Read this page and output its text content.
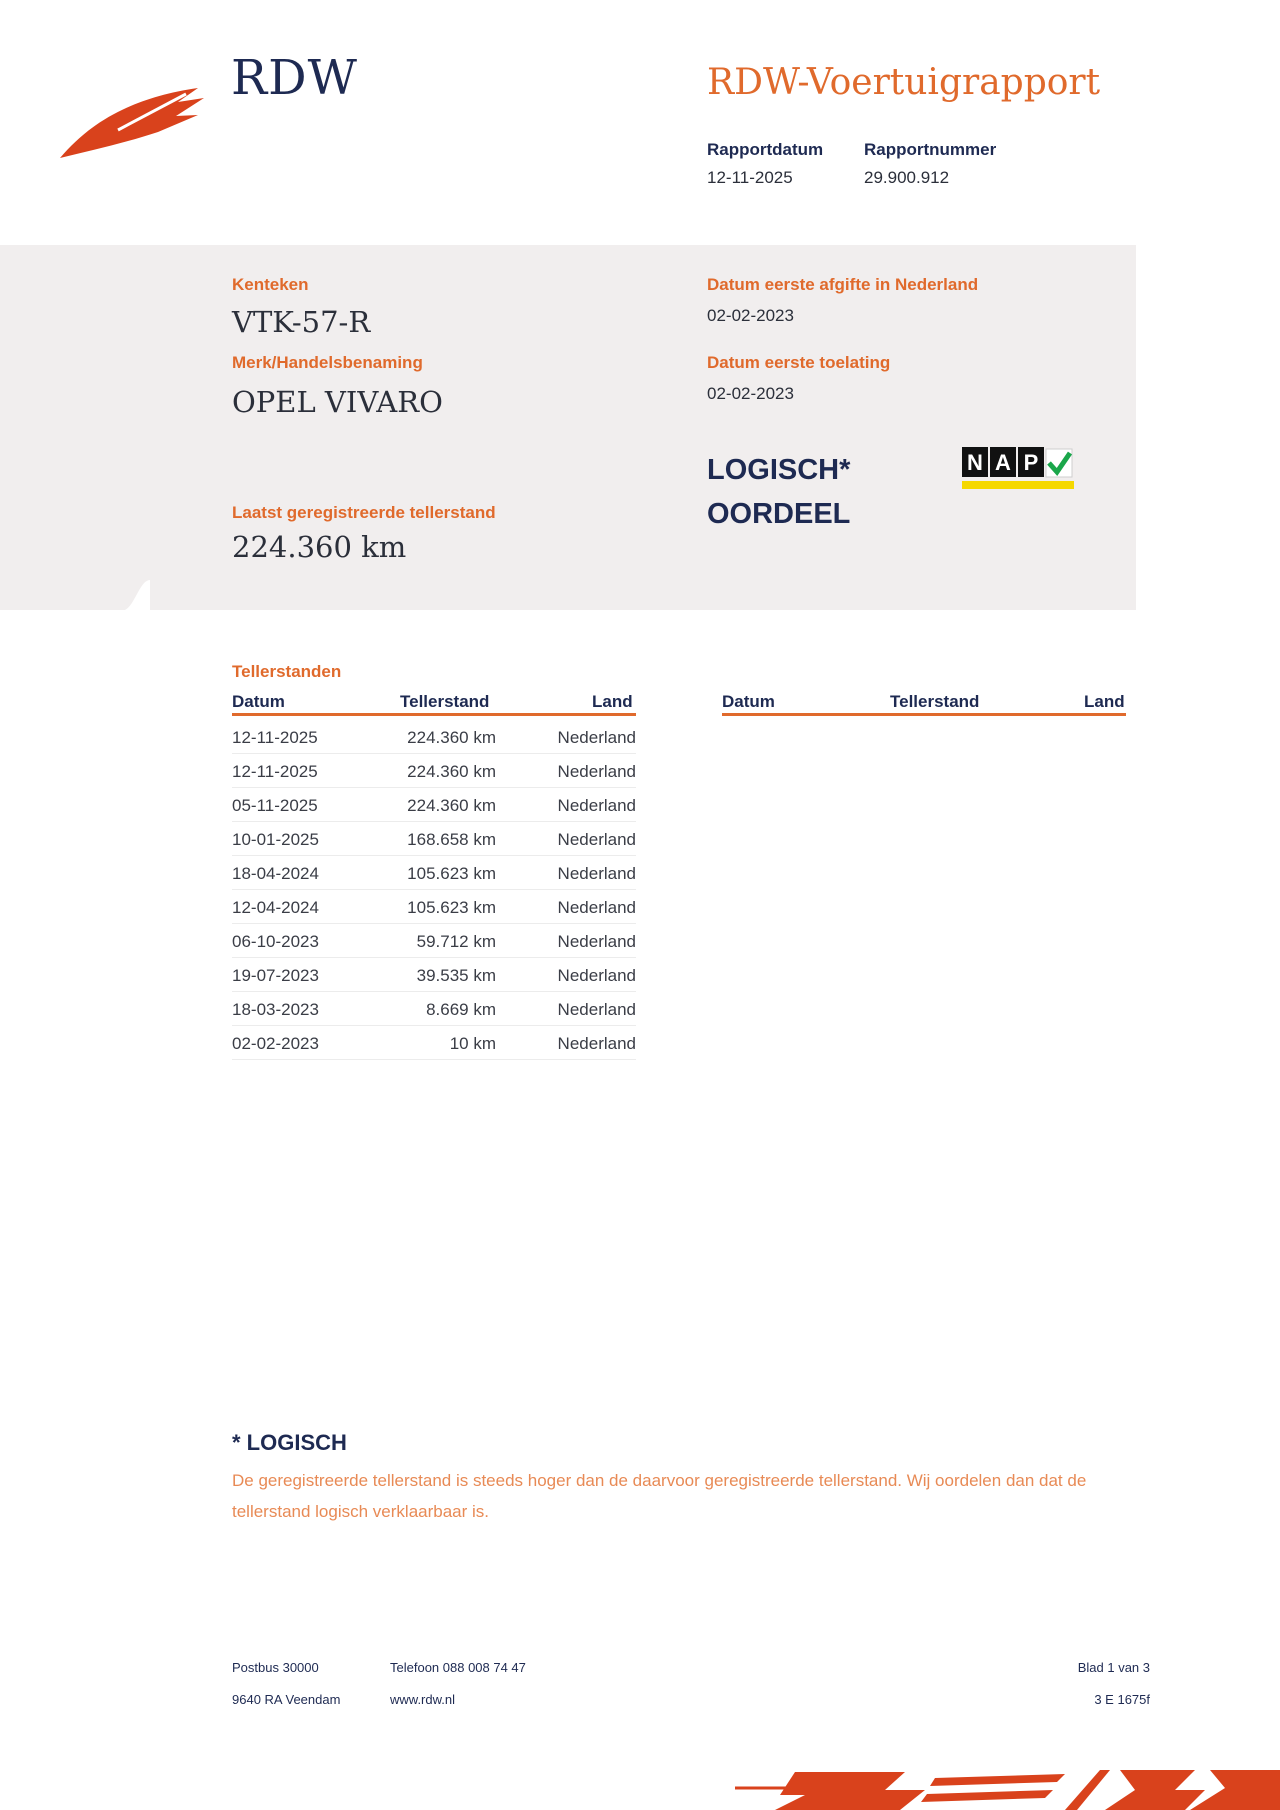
RDW	RDW-Voertuigrapport
Rapportdatum
12-11-2025
Rapportnummer
29.900.912
Kenteken
VTK-57-R
Merk/Handelsbenaming
OPEL VIVARO
Laatst geregistreerde tellerstand
224.360 km
Datum eerste afgifte in Nederland
02-02-2023
Datum eerste toelating
02-02-2023
LOGISCH*
OORDEEL
N A P
Tellerstanden
Datum	Tellerstand	Land	Datum	Tellerstand	Land
12-11-2025	224.360 km	Nederland
12-11-2025	224.360 km	Nederland
05-11-2025	224.360 km	Nederland
10-01-2025	168.658 km	Nederland
18-04-2024	105.623 km	Nederland
12-04-2024	105.623 km	Nederland
06-10-2023	59.712 km	Nederland
19-07-2023	39.535 km	Nederland
18-03-2023	8.669 km	Nederland
02-02-2023	10 km	Nederland
* LOGISCH
De geregistreerde tellerstand is steeds hoger dan de daarvoor geregistreerde tellerstand. Wij oordelen dan dat de tellerstand logisch verklaarbaar is.
Postbus 30000
9640 RA Veendam
Telefoon 088 008 74 47
www.rdw.nl
Blad 1 van 3
3 E 1675f
